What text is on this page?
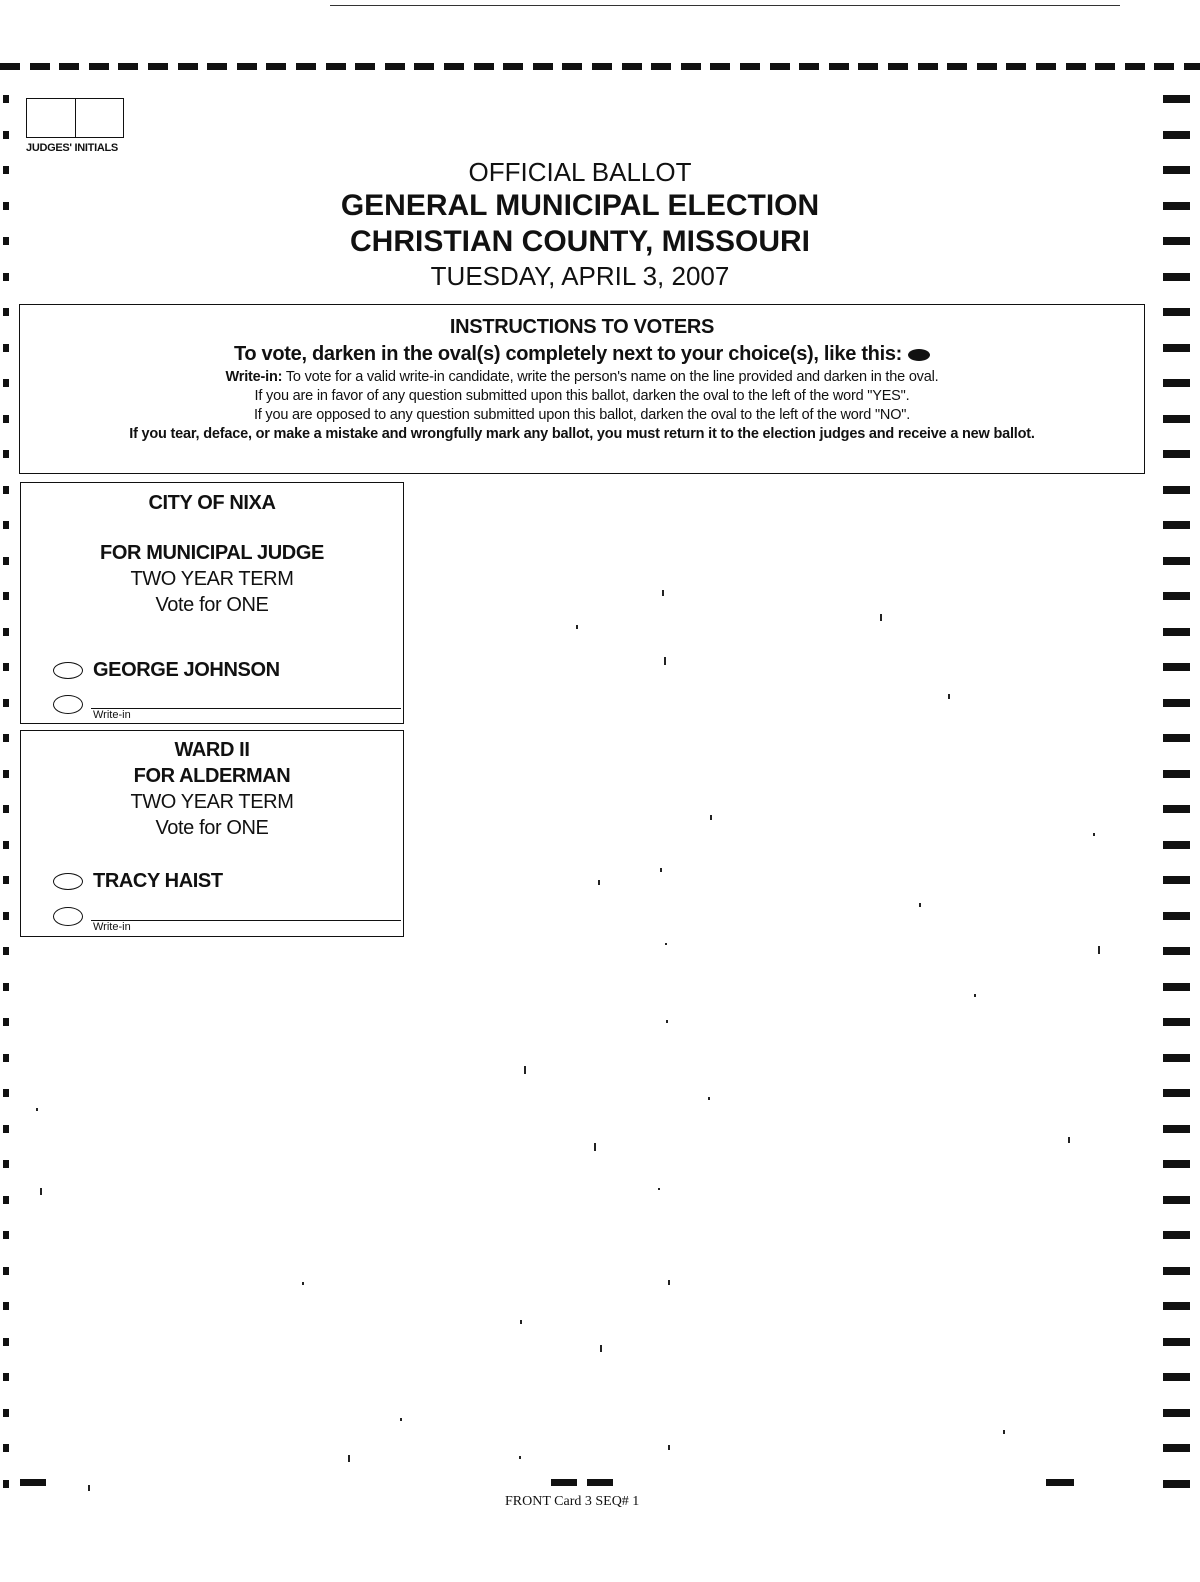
JUDGES' INITIALS
OFFICIAL BALLOT
GENERAL MUNICIPAL ELECTION
CHRISTIAN COUNTY, MISSOURI
TUESDAY, APRIL 3, 2007
INSTRUCTIONS TO VOTERS
To vote, darken in the oval(s) completely next to your choice(s), like this:
Write-in: To vote for a valid write-in candidate, write the person's name on the line provided and darken in the oval.
If you are in favor of any question submitted upon this ballot, darken the oval to the left of the word "YES".
If you are opposed to any question submitted upon this ballot, darken the oval to the left of the word "NO".
If you tear, deface, or make a mistake and wrongfully mark any ballot, you must return it to the election judges and receive a new ballot.
CITY OF NIXA
FOR MUNICIPAL JUDGE
TWO YEAR TERM
Vote for ONE
GEORGE JOHNSON
Write-in
WARD II
FOR ALDERMAN
TWO YEAR TERM
Vote for ONE
TRACY HAIST
Write-in
FRONT Card 3 SEQ# 1
